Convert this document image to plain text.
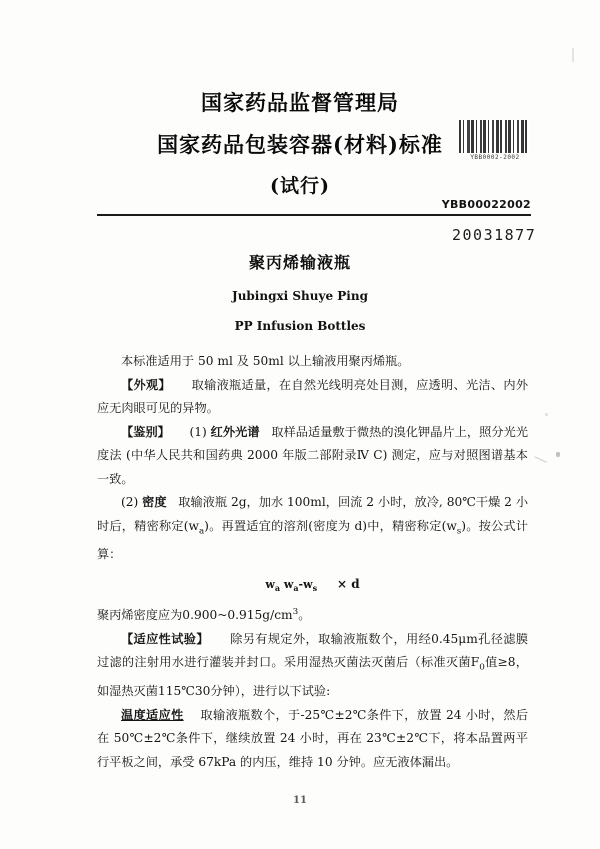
国家药品监督管理局
国家药品包装容器(材料)标准
(试行)
YBB0002-2002
YBB00022002
20031877
聚丙烯输液瓶
Jubingxi Shuye Ping
PP Infusion Bottles

本标准适用于 50 ml 及 50ml 以上输液用聚丙烯瓶。

【外观】 取输液瓶适量，在自然光线明亮处目测，应透明、光洁、内外应无肉眼可见的异物。

【鉴别】 (1) 红外光谱 取样品适量敷于微热的溴化钾晶片上，照分光光度法 (中华人民共和国药典 2000 年版二部附录Ⅳ C) 测定，应与对照图谱基本一致。

(2) 密度 取输液瓶 2g，加水 100ml，回流 2 小时，放冷, 80℃干燥 2 小时后，精密称定$(w_a)$。再置适宜的溶剂(密度为 d)中，精密称定$(w_s)$。按公式计算：

$w_a$ $w_a-w_s \times d$

聚丙烯密度应为$0.900\sim 0.915g/cm^3$。

【适应性试验】 除另有规定外，取输液瓶数个，用经0.45μm孔径滤膜过滤的注射用水进行灌装并封口。采用湿热灭菌法灭菌后（标准灭菌$F_0$值≥8，如湿热灭菌115℃30分钟），进行以下试验:

温度适应性 取输液瓶数个，于-25℃±2℃条件下，放置 24 小时，然后在 50℃±2℃条件下，继续放置 24 小时，再在 23℃±2℃下，将本品置两平行平板之间，承受 67kPa 的内压，维持 10 分钟。应无液体漏出。

11
